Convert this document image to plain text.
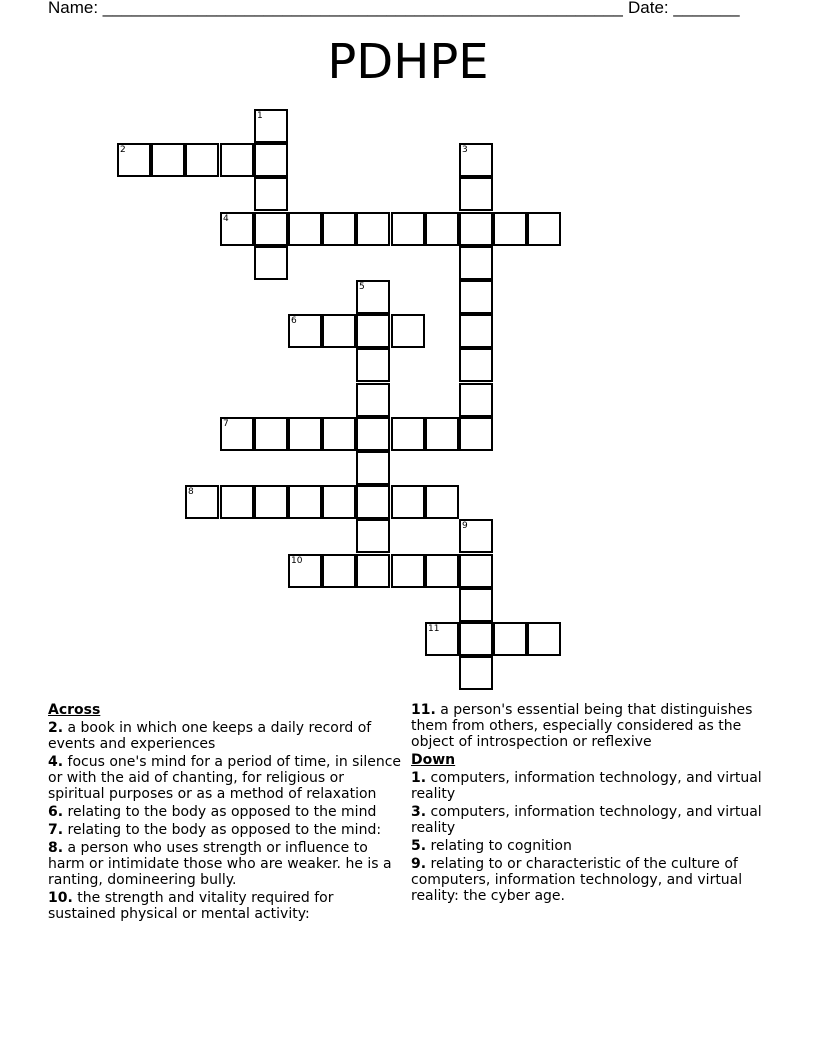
Name: _______________________________________________________ Date: _______
PDHPE
1
2	3
4
5
6
7
8
9
10
11
Across
2. a book in which one keeps a daily record of events and experiences
4. focus one's mind for a period of time, in silence or with the aid of chanting, for religious or spiritual purposes or as a method of relaxation
6. relating to the body as opposed to the mind
7. relating to the body as opposed to the mind:
8. a person who uses strength or influence to harm or intimidate those who are weaker. he is a ranting, domineering bully.
10. the strength and vitality required for sustained physical or mental activity:
11. a person's essential being that distinguishes them from others, especially considered as the object of introspection or reflexive
Down
1. computers, information technology, and virtual reality
3. computers, information technology, and virtual reality
5. relating to cognition
9. relating to or characteristic of the culture of computers, information technology, and virtual reality: the cyber age.
